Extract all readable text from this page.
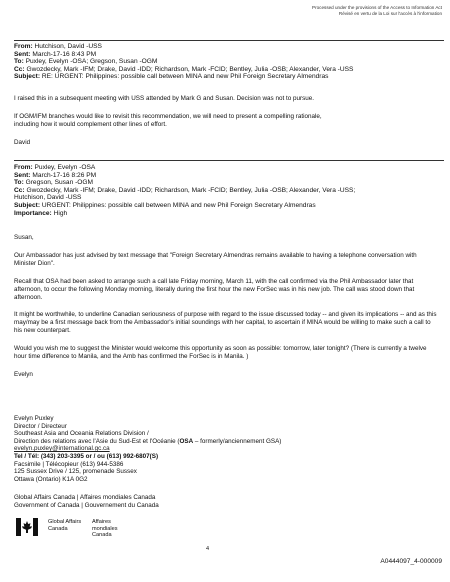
Processed under the provisions of the Access to Information Act
Révisé en vertu de la Loi sur l'accès à l'information
From: Hutchison, David -USS
Sent: March-17-16 8:43 PM
To: Puxley, Evelyn -OSA; Gregson, Susan -OGM
Cc: Gwozdecky, Mark -IFM; Drake, David -IDD; Richardson, Mark -FCID; Bentley, Julia -OSB; Alexander, Vera -USS
Subject: RE: URGENT: Philippines: possible call between MINA and new Phil Foreign Secretary Almendras

I raised this in a subsequent meeting with USS attended by Mark G and Susan. Decision was not to pursue.

If OGM/IFM branches would like to revisit this recommendation, we will need to present a compelling rationale, including how it would complement other lines of effort.

David

From: Puxley, Evelyn -OSA
Sent: March-17-16 8:26 PM
To: Gregson, Susan -OGM
Cc: Gwozdecky, Mark -IFM; Drake, David -IDD; Richardson, Mark -FCID; Bentley, Julia -OSB; Alexander, Vera -USS;
Hutchison, David -USS
Subject: URGENT: Philippines: possible call between MINA and new Phil Foreign Secretary Almendras
Importance: High

Susan,

Our Ambassador has just advised by text message that "Foreign Secretary Almendras remains available to having a telephone conversation with Minister Dion".

Recall that OSA had been asked to arrange such a call late Friday morning, March 11, with the call confirmed via the Phil Ambassador later that afternoon, to occur the following Monday morning, literally during the first hour the new ForSec was in his new job. The call was stood down that afternoon.

It might be worthwhile, to underline Canadian seriousness of purpose with regard to the issue discussed today -- and given its implications -- and as this may/may be a first message back from the Ambassador's initial soundings with her capital, to ascertain if MINA would be willing to make such a call to his new counterpart.

Would you wish me to suggest the Minister would welcome this opportunity as soon as possible: tomorrow, later tonight? (There is currently a twelve hour time difference to Manila, and the Amb has confirmed the ForSec is in Manila. )

Evelyn

Evelyn Puxley
Director / Directeur
Southeast Asia and Oceania Relations Division /
Direction des relations avec l'Asie du Sud-Est et l'Océanie (OSA – formerly/anciennement GSA)
evelyn.puxley@international.gc.ca
Tel / Tél: (343) 203-3395 or / ou (613) 992-6807(S)
Facsimile | Télécopieur (613) 944-5386
125 Sussex Drive / 125, promenade Sussex
Ottawa (Ontario) K1A 0G2
Global Affairs Canada | Affaires mondiales Canada
Government of Canada | Gouvernement du Canada
Global Affairs
Canada
Affaires mondiales
Canada
4
A0444097_4-000009
